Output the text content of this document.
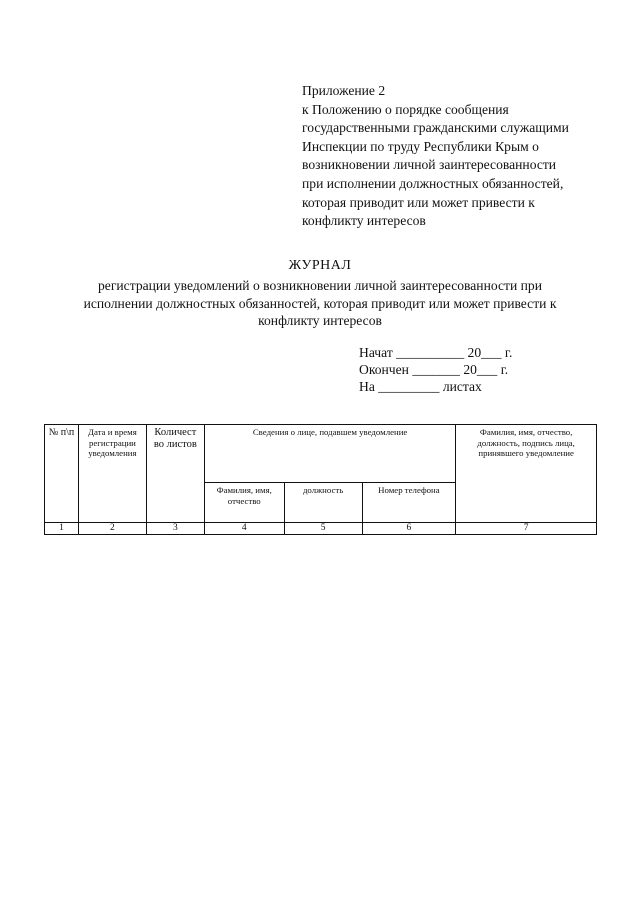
Приложение 2
к Положению о порядке сообщения
государственными гражданскими служащими
Инспекции по труду Республики Крым о
возникновении личной заинтересованности
при исполнении должностных обязанностей,
которая приводит или может привести к
конфликту интересов
ЖУРНАЛ
регистрации уведомлений о возникновении личной заинтересованности при
исполнении должностных обязанностей, которая приводит или может привести к
конфликту интересов
Начат __________ 20___ г.
Окончен _______ 20___ г.
На _________ листах
№ п\п	Дата и время регистрации уведомления	Количест во листов	Сведения о лице, подавшем уведомление			Фамилия, имя, отчество, должность, подпись лица, принявшего уведомление
			Фамилия, имя, отчество	должность	Номер телефона	
1	2	3	4	5	6	7
